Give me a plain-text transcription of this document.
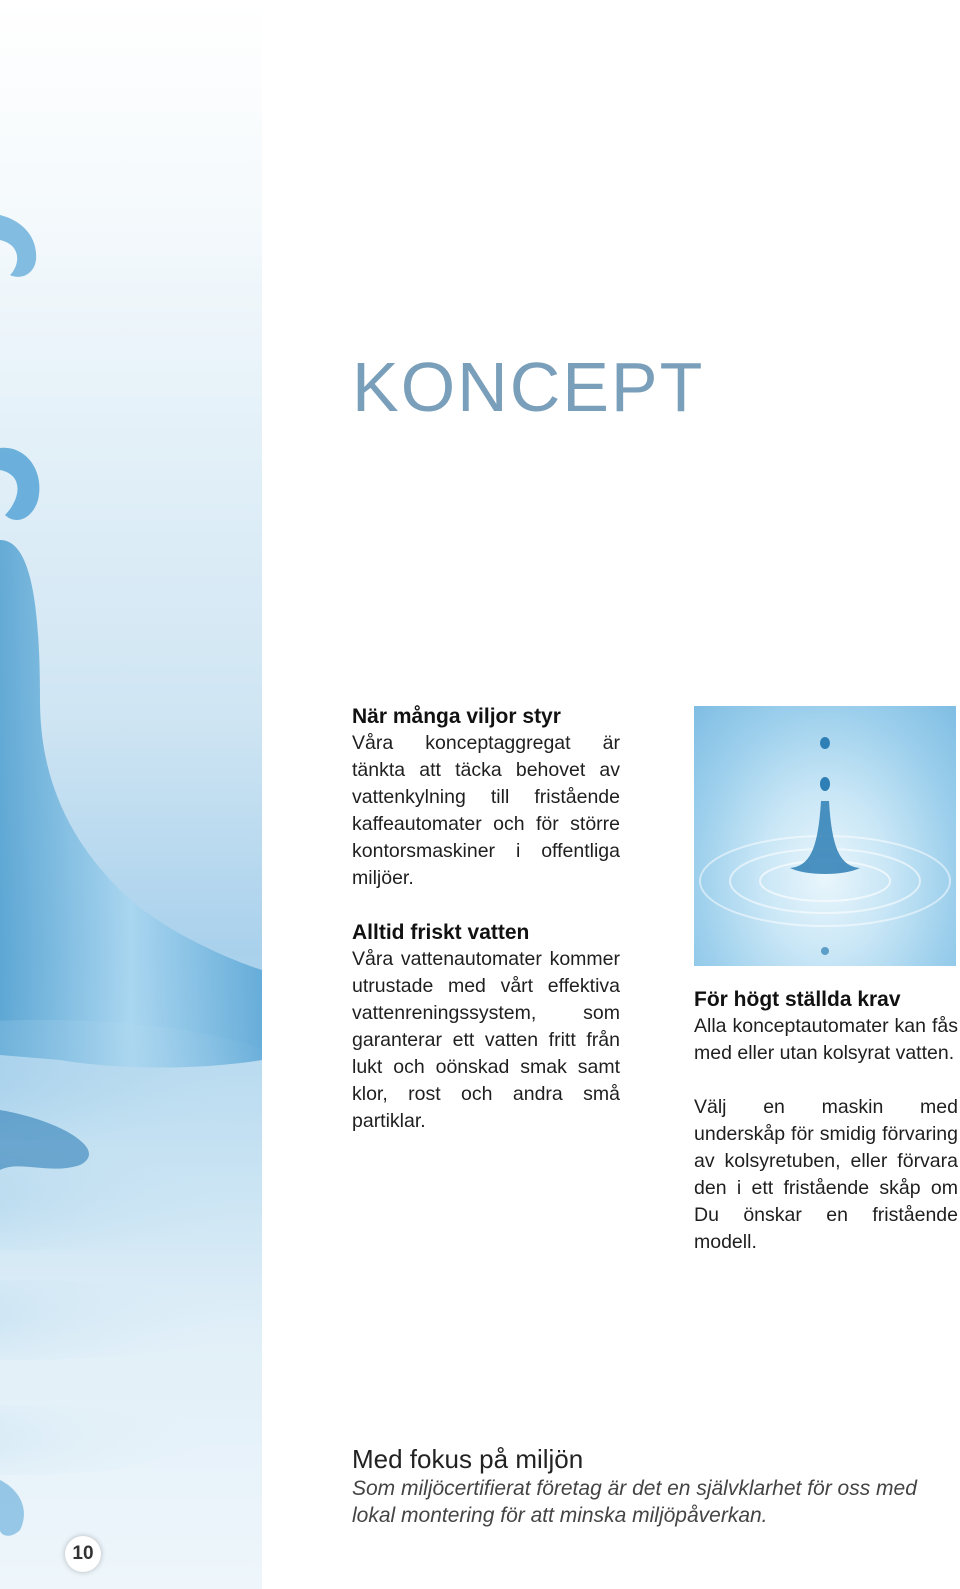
KONCEPT
När många viljor styr

Våra konceptaggregat är tänkta att täcka behovet av vattenkylning till fristående kaffeautomater och för större kontorsmaskiner i offentliga miljöer.

Alltid friskt vatten

Våra vattenautomater kommer utrustade med vårt effektiva vattenreningssystem, som garanterar ett vatten fritt från lukt och oönskad smak samt klor, rost och andra små partiklar.

För högt ställda krav

Alla konceptautomater kan fås med eller utan kolsyrat vatten.

Välj en maskin med underskåp för smidig förvaring av kolsyretuben, eller förvara den i ett fristående skåp om Du önskar en fristående modell.

Med fokus på miljön

Som miljöcertifierat företag är det en självklarhet för oss med lokal montering för att minska miljöpåverkan.

10
